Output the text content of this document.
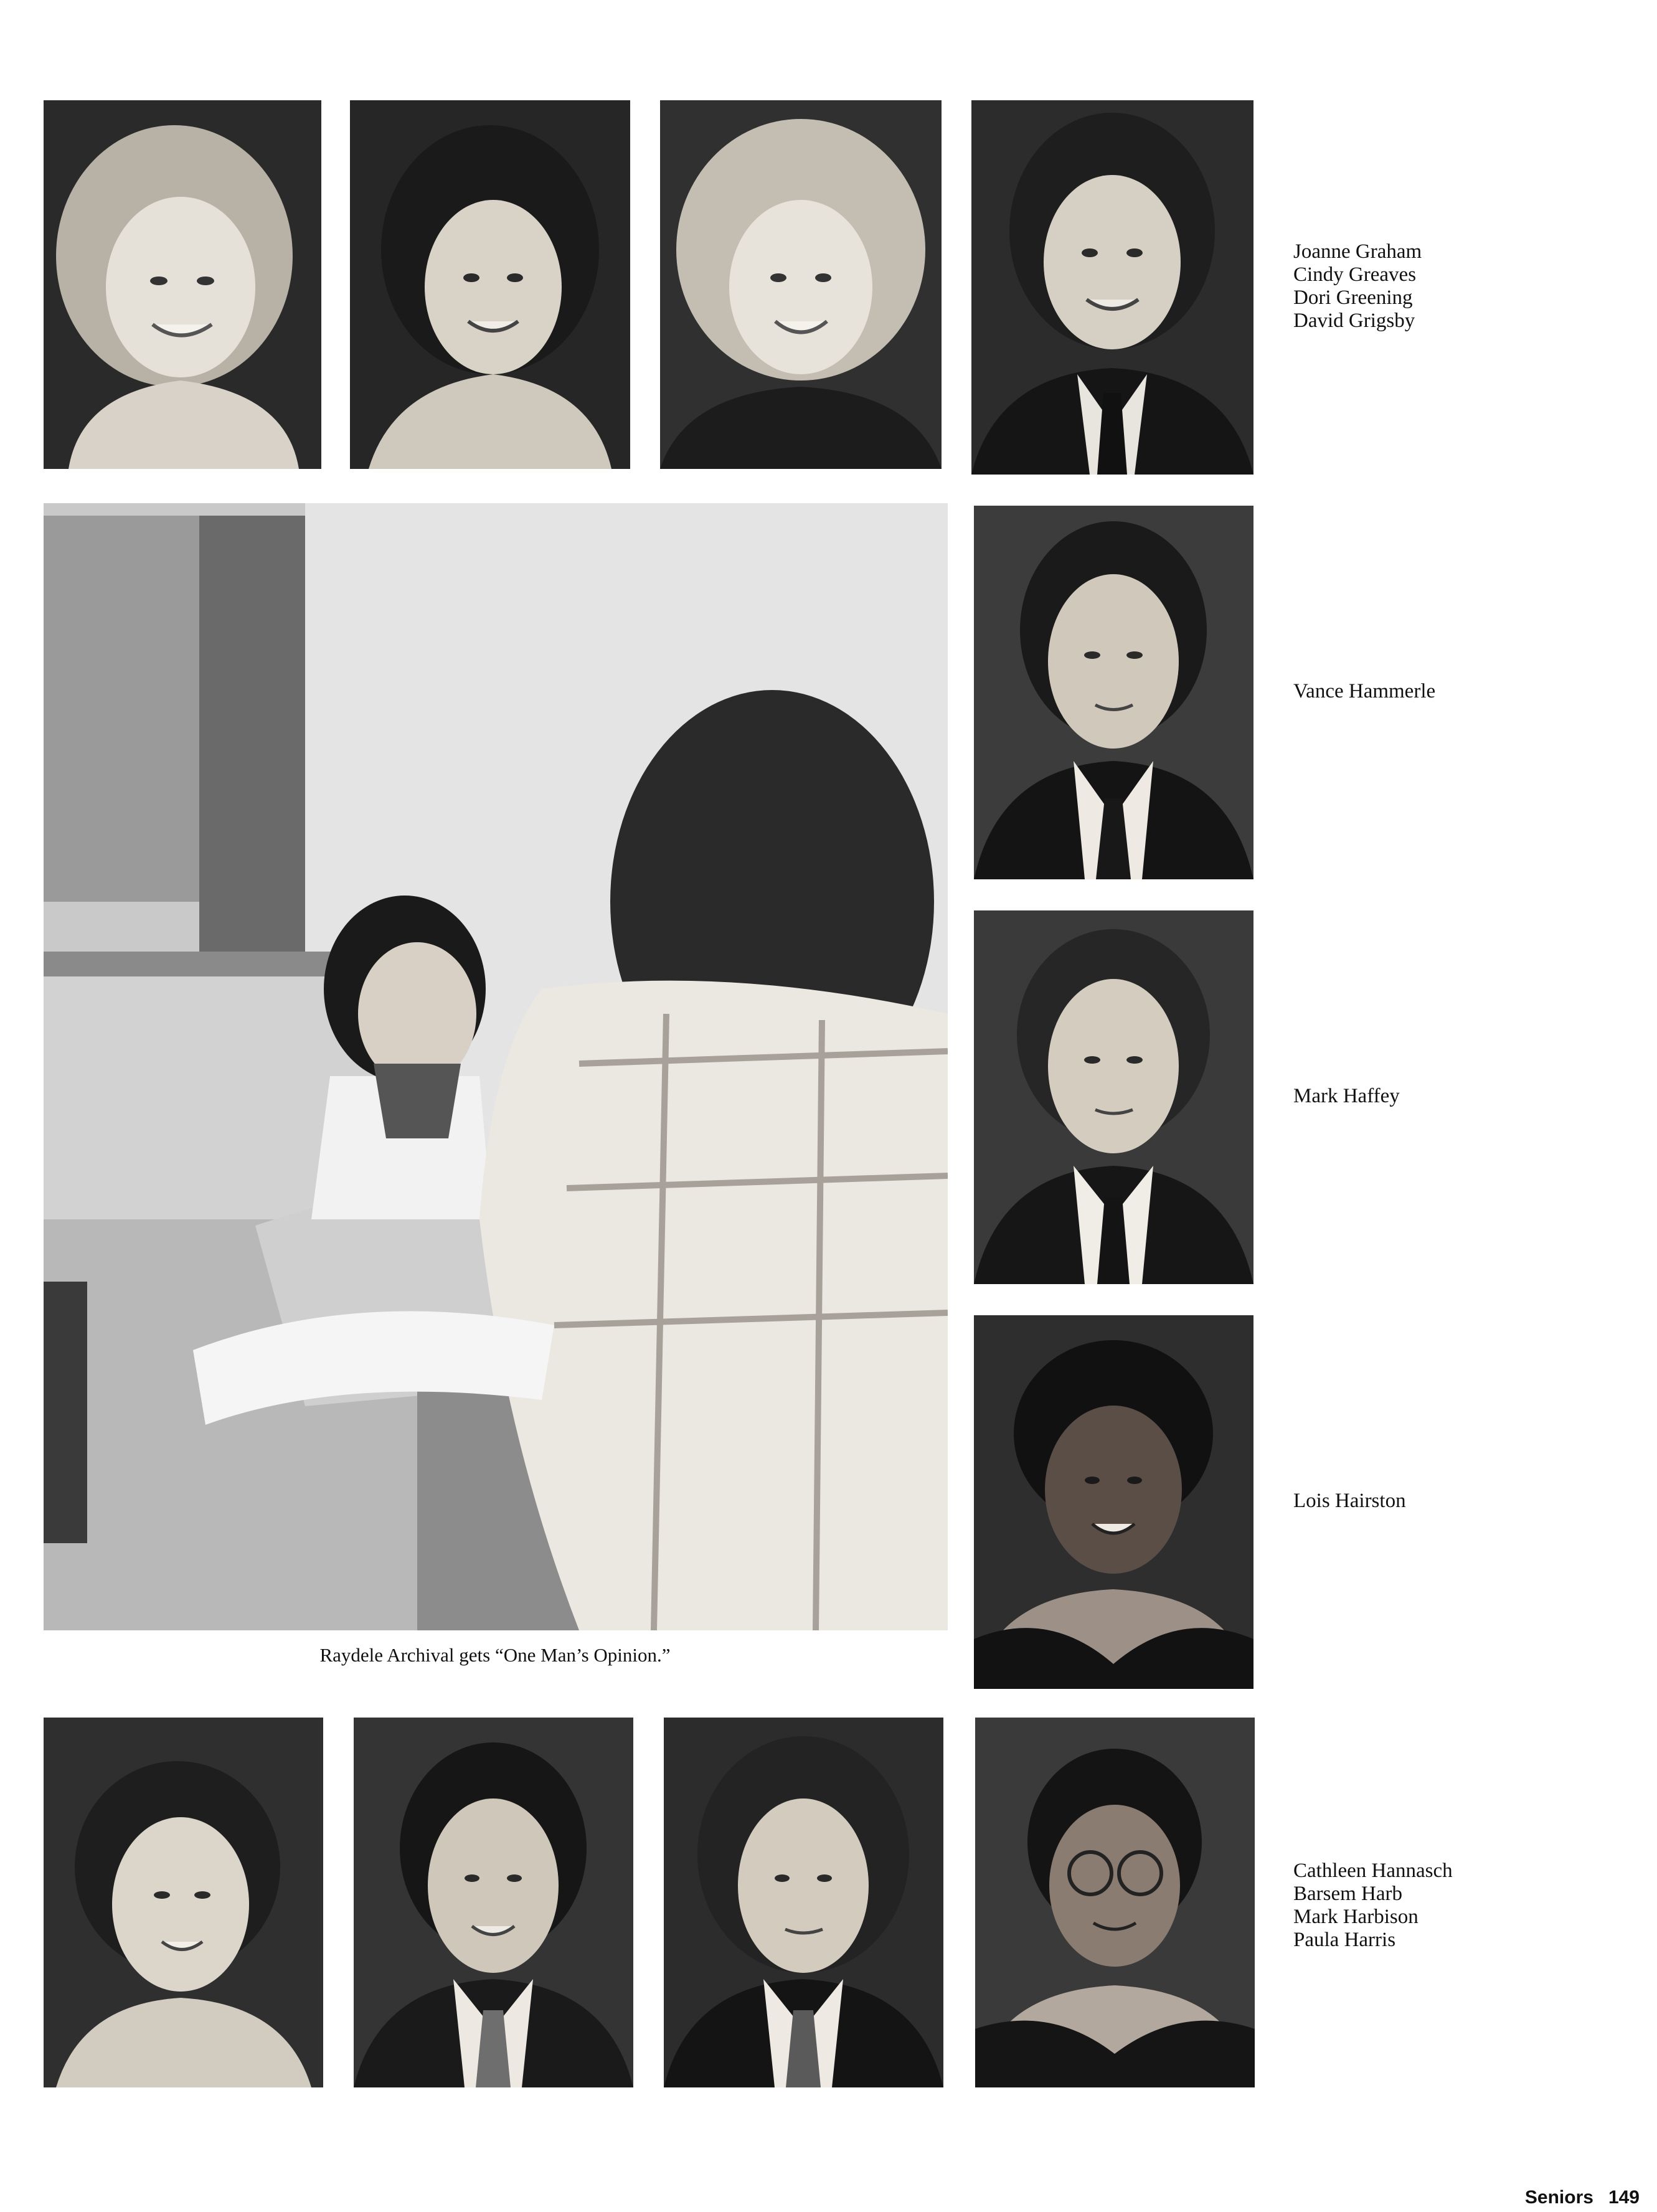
Joanne Graham
Cindy Greaves
Dori Greening
David Grigsby
Raydele Archival gets “One Man’s Opinion.”
Vance Hammerle
Mark Haffey
Lois Hairston
Cathleen Hannasch
Barsem Harb
Mark Harbison
Paula Harris
Seniors 149
